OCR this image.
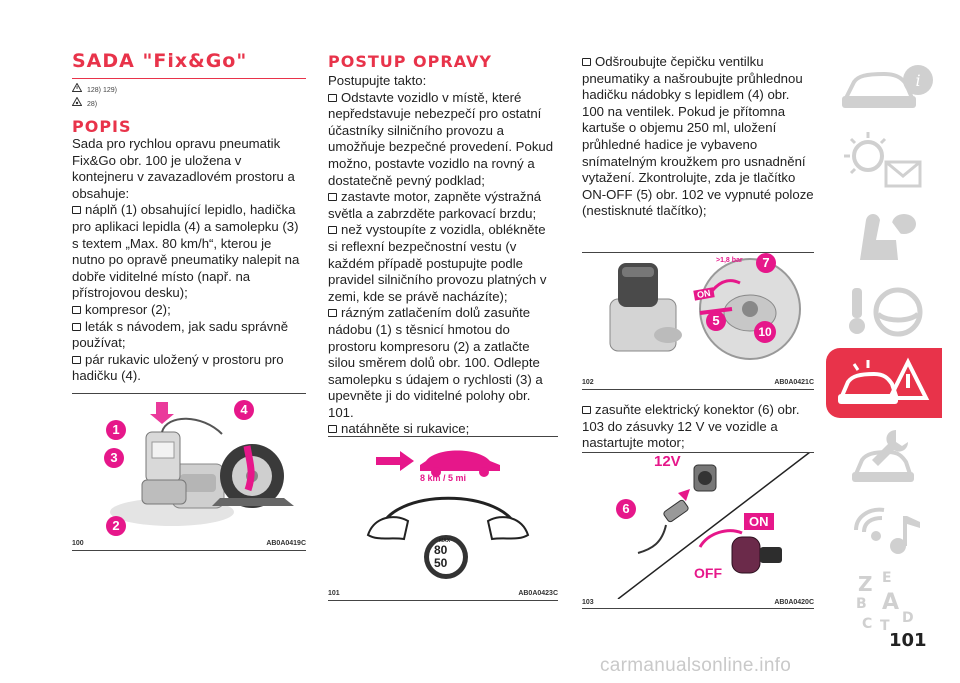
SADA "Fix&Go"
128) 129)
28)
POPIS

Sada pro rychlou opravu pneumatik Fix&Go obr. 100 je uložena v kontejneru v zavazadlovém prostoru a obsahuje:

náplň (1) obsahující lepidlo, hadička pro aplikaci lepidla (4) a samolepku (3) s textem „Max. 80 km/h“, kterou je nutno po opravě pneumatiky nalepit na dobře viditelné místo (např. na přístrojovou desku);

kompresor (2);

leták s návodem, jak sadu správně používat;

pár rukavic uložený v prostoru pro hadičku (4).

1
3
2
4
100	AB0A0419C
POSTUP OPRAVY

Postupujte takto:

Odstavte vozidlo v místě, které nepředstavuje nebezpečí pro ostatní účastníky silničního provozu a umožňuje bezpečné provedení. Pokud možno, postavte vozidlo na rovný a dostatečně pevný podklad;

zastavte motor, zapněte výstražná světla a zabrzděte parkovací brzdu;

než vystoupíte z vozidla, oblékněte si reflexní bezpečnostní vestu (v každém případě postupujte podle pravidel silničního provozu platných v zemi, kde se právě nacházíte);

rázným zatlačením dolů zasuňte nádobu (1) s těsnicí hmotou do prostoru kompresoru (2) a zatlačte silou směrem dolů obr. 100. Odlepte samolepku s údajem o rychlosti (3) a upevněte ji do viditelné polohy obr. 101.

natáhněte si rukavice;

8 km / 5 mi
MAX
80
50
101	AB0A0423C

Odšroubujte čepičku ventilku pneumatiky a našroubujte průhlednou hadičku nádobky s lepidlem (4) obr. 100 na ventilek. Pokud je přítomna kartuše o objemu 250 ml, uložení průhledné hadice je vybaveno snímatelným kroužkem pro usnadnění vytažení. Zkontrolujte, zda je tlačítko ON-OFF (5) obr. 102 ve vypnuté poloze (nestisknuté tlačítko);

>1,8 bar
ON
7
5
10
102	AB0A0421C

zasuňte elektrický konektor (6) obr. 103 do zásuvky 12 V ve vozidle a nastartujte motor;

12V
6
ON
OFF
103	AB0A0420C
i
Z E
B A
C T D
101
carmanualsonline.info
